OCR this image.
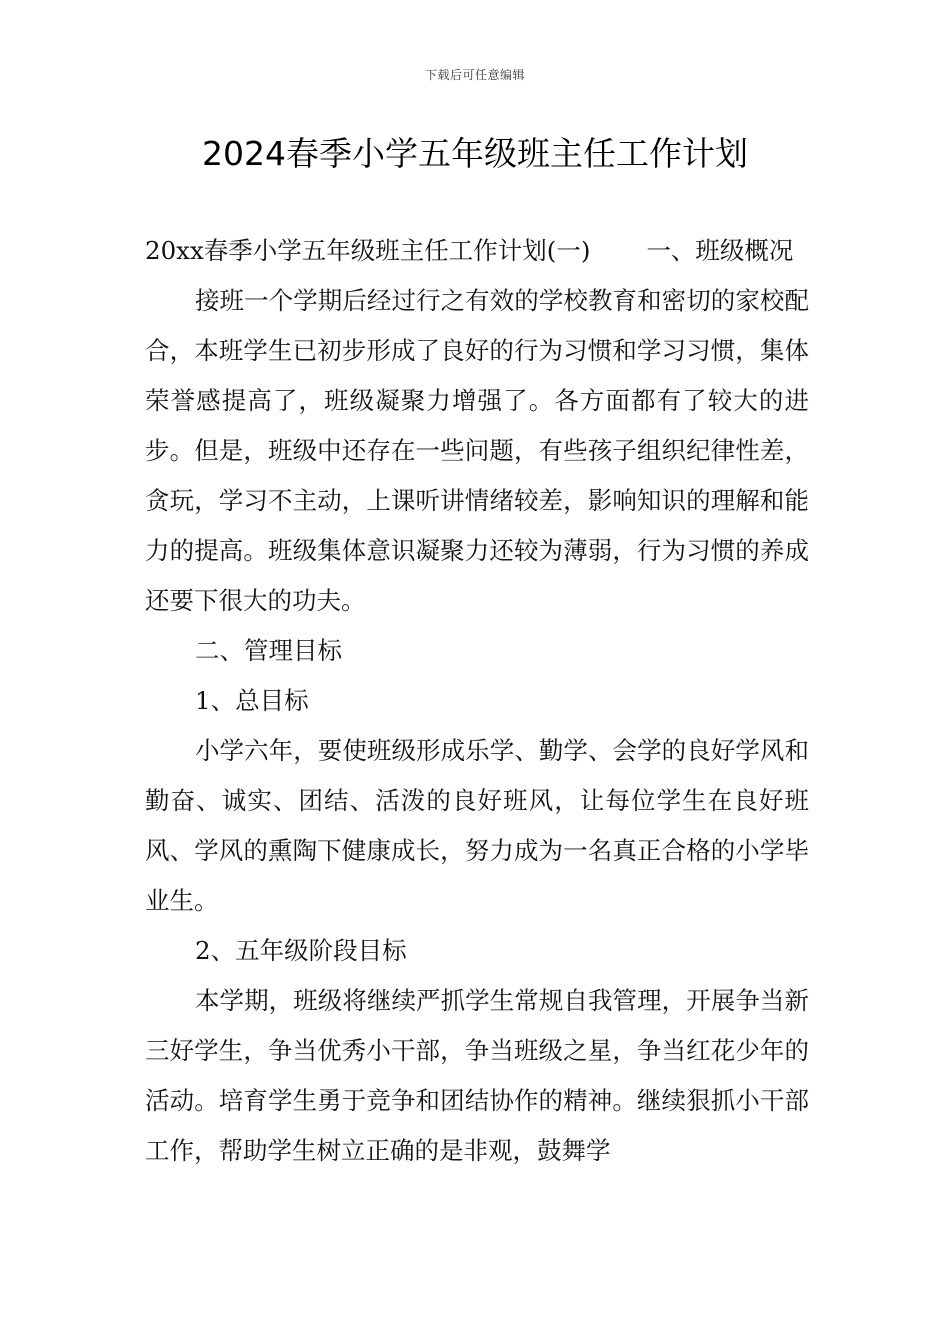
下载后可任意编辑
2024春季小学五年级班主任工作计划

20xx春季小学五年级班主任工作计划(一) 一、班级概况

接班一个学期后经过行之有效的学校教育和密切的家校配合，本班学生已初步形成了良好的行为习惯和学习习惯，集体荣誉感提高了，班级凝聚力增强了。各方面都有了较大的进步。但是，班级中还存在一些问题，有些孩子组织纪律性差，贪玩，学习不主动，上课听讲情绪较差，影响知识的理解和能力的提高。班级集体意识凝聚力还较为薄弱，行为习惯的养成还要下很大的功夫。

二、管理目标

1、总目标

小学六年，要使班级形成乐学、勤学、会学的良好学风和勤奋、诚实、团结、活泼的良好班风，让每位学生在良好班风、学风的熏陶下健康成长，努力成为一名真正合格的小学毕业生。

2、五年级阶段目标

本学期，班级将继续严抓学生常规自我管理，开展争当新三好学生，争当优秀小干部，争当班级之星，争当红花少年的活动。培育学生勇于竞争和团结协作的精神。继续狠抓小干部工作，帮助学生树立正确的是非观，鼓舞学
